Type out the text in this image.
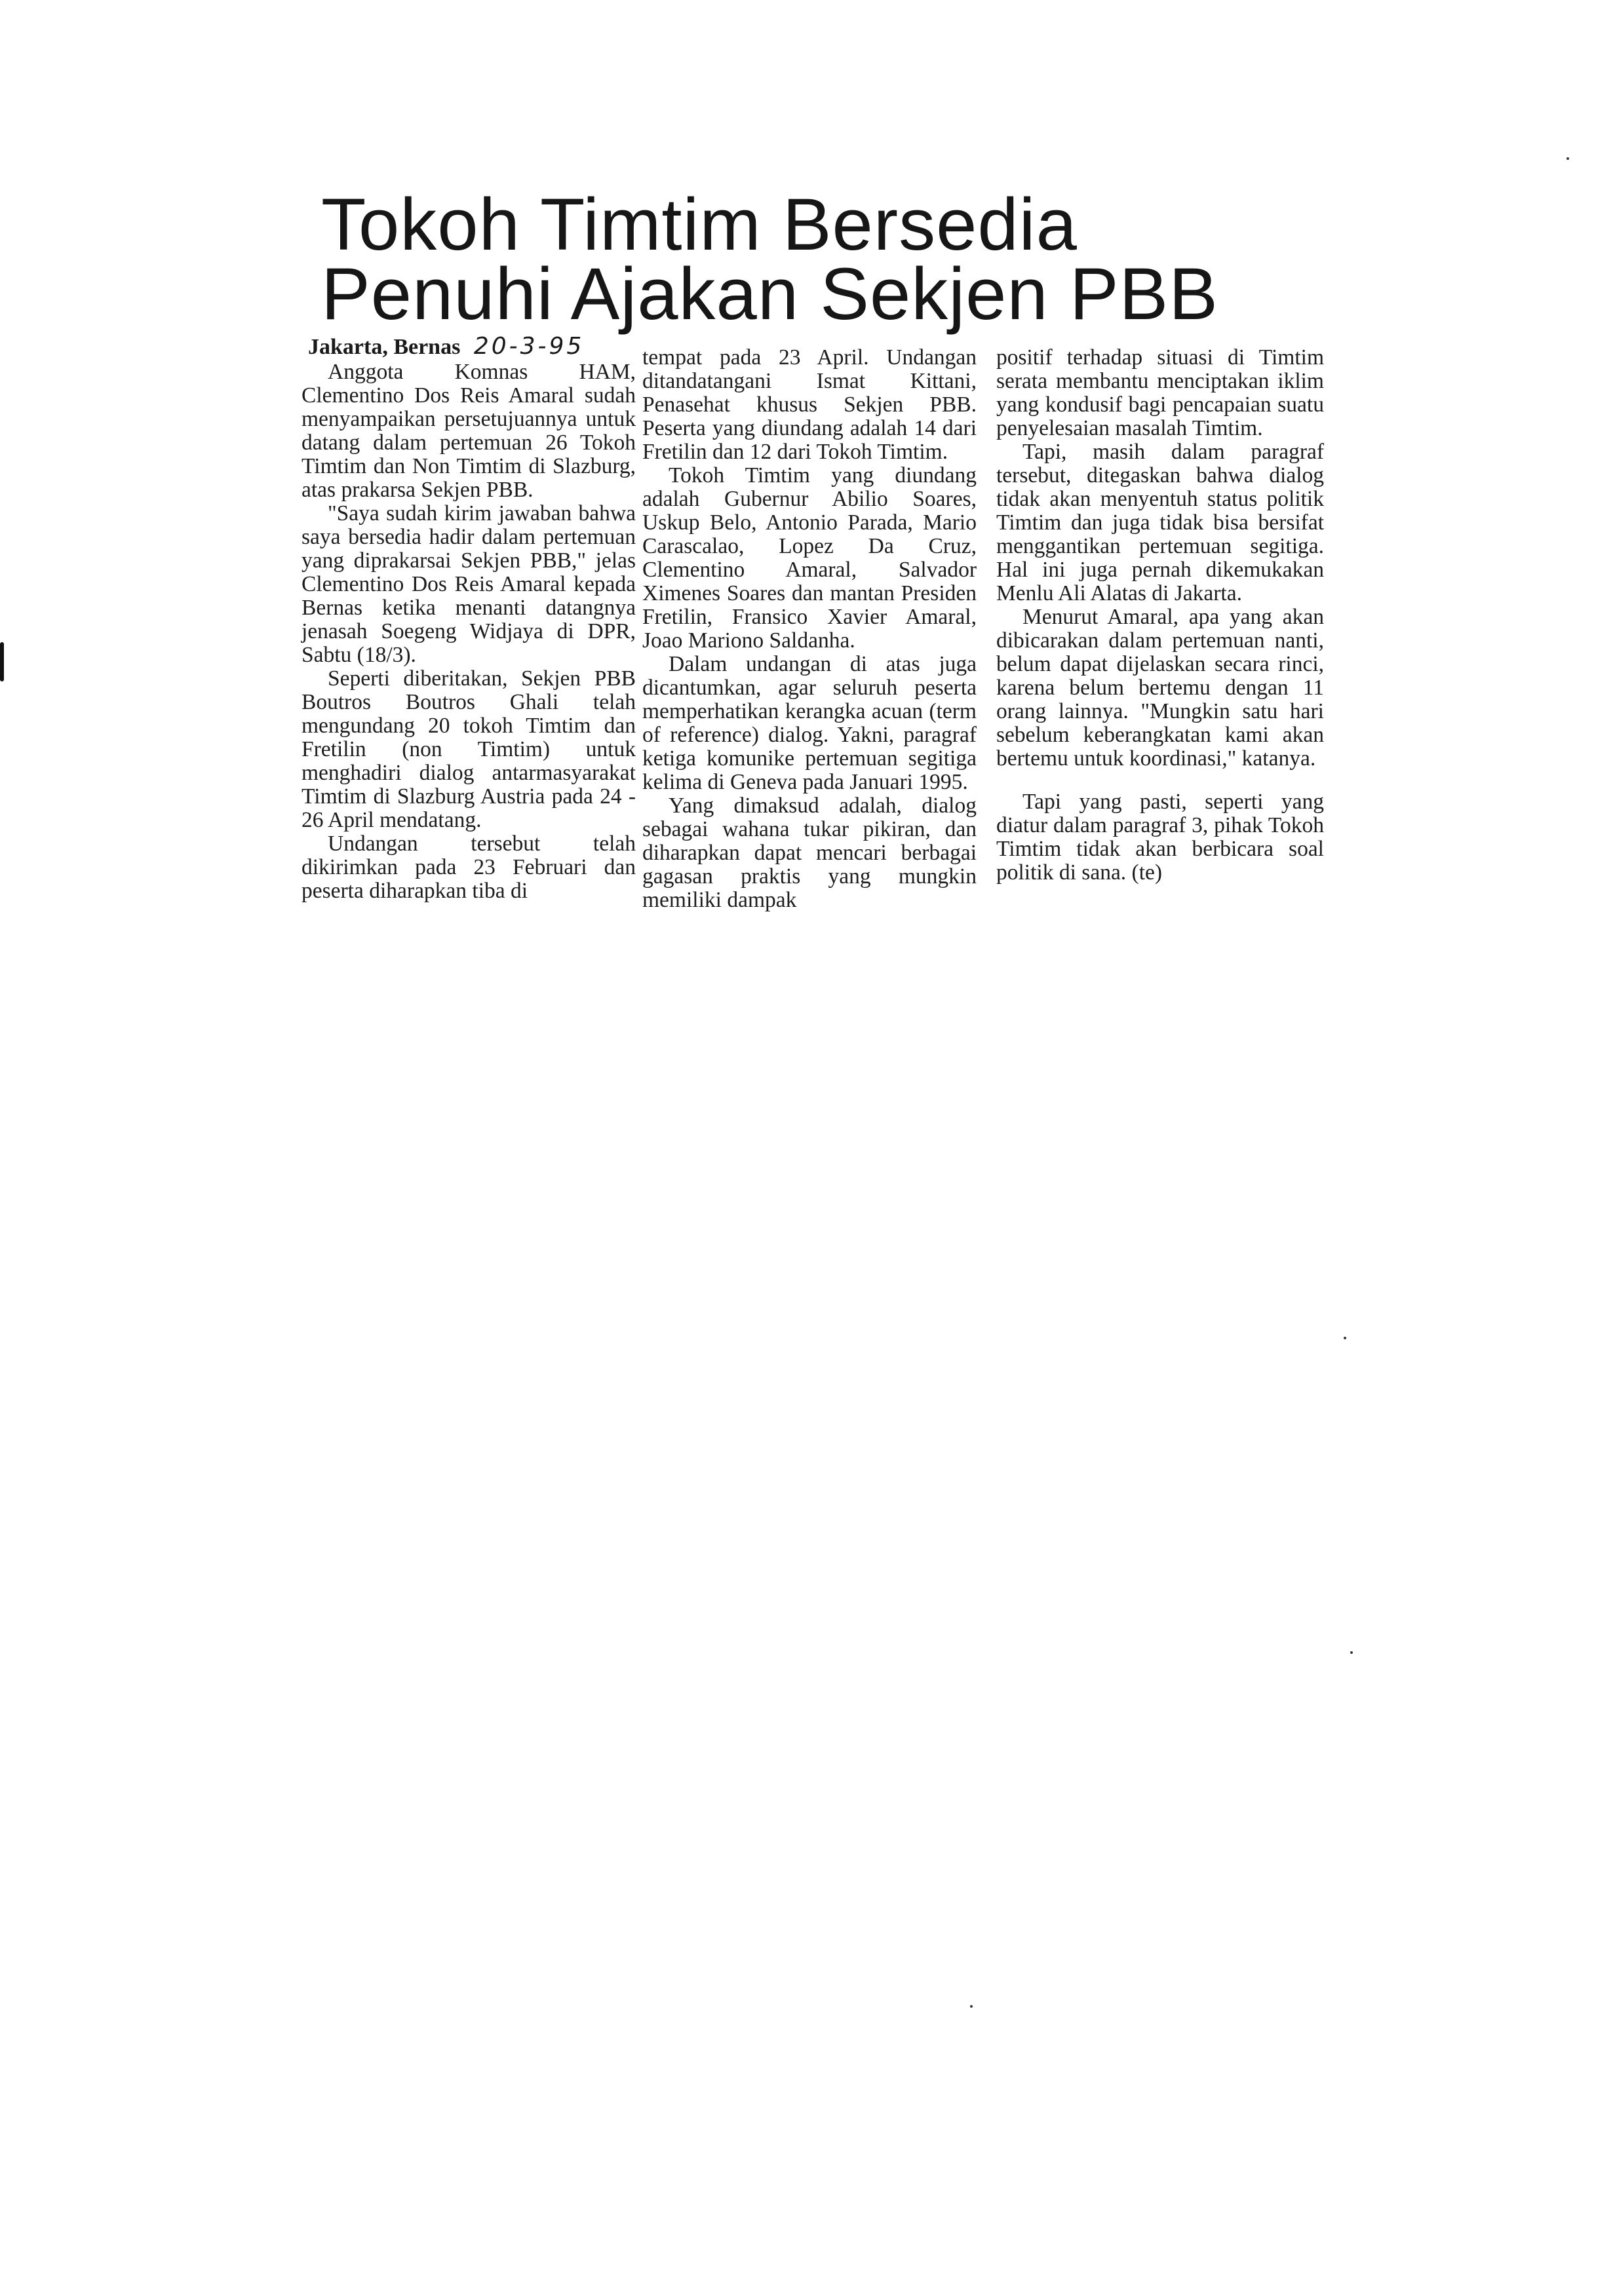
Tokoh Timtim Bersedia
Penuhi Ajakan Sekjen PBB
Jakarta, Bernas 20-3-95

Anggota Komnas HAM, Clementino Dos Reis Amaral sudah menyampaikan persetujuannya untuk datang dalam pertemuan 26 Tokoh Timtim dan Non Timtim di Slazburg, atas prakarsa Sekjen PBB.

"Saya sudah kirim jawaban bahwa saya bersedia hadir dalam pertemuan yang diprakarsai Sekjen PBB," jelas Clementino Dos Reis Amaral kepada Bernas ketika menanti datangnya jenasah Soegeng Widjaya di DPR, Sabtu (18/3).

Seperti diberitakan, Sekjen PBB Boutros Boutros Ghali telah mengundang 20 tokoh Timtim dan Fretilin (non Timtim) untuk menghadiri dialog antarmasyarakat Timtim di Slazburg Austria pada 24 - 26 April mendatang.

Undangan tersebut telah dikirimkan pada 23 Februari dan peserta diharapkan tiba di

tempat pada 23 April. Undangan ditandatangani Ismat Kittani, Penasehat khusus Sekjen PBB. Peserta yang diundang adalah 14 dari Fretilin dan 12 dari Tokoh Timtim.

Tokoh Timtim yang diundang adalah Gubernur Abilio Soares, Uskup Belo, Antonio Parada, Mario Carascalao, Lopez Da Cruz, Clementino Amaral, Salvador Ximenes Soares dan mantan Presiden Fretilin, Fransico Xavier Amaral, Joao Mariono Saldanha.

Dalam undangan di atas juga dicantumkan, agar seluruh peserta memperhatikan kerangka acuan (term of reference) dialog. Yakni, paragraf ketiga komunike pertemuan segitiga kelima di Geneva pada Januari 1995.

Yang dimaksud adalah, dialog sebagai wahana tukar pikiran, dan diharapkan dapat mencari berbagai gagasan praktis yang mungkin memiliki dampak

positif terhadap situasi di Timtim serata membantu menciptakan iklim yang kondusif bagi pencapaian suatu penyelesaian masalah Timtim.

Tapi, masih dalam paragraf tersebut, ditegaskan bahwa dialog tidak akan menyentuh status politik Timtim dan juga tidak bisa bersifat menggantikan pertemuan segitiga. Hal ini juga pernah dikemukakan Menlu Ali Alatas di Jakarta.

Menurut Amaral, apa yang akan dibicarakan dalam pertemuan nanti, belum dapat dijelaskan secara rinci, karena belum bertemu dengan 11 orang lainnya. "Mungkin satu hari sebelum keberangkatan kami akan bertemu untuk koordinasi," katanya.

Tapi yang pasti, seperti yang diatur dalam paragraf 3, pihak Tokoh Timtim tidak akan berbicara soal politik di sana. (te)
